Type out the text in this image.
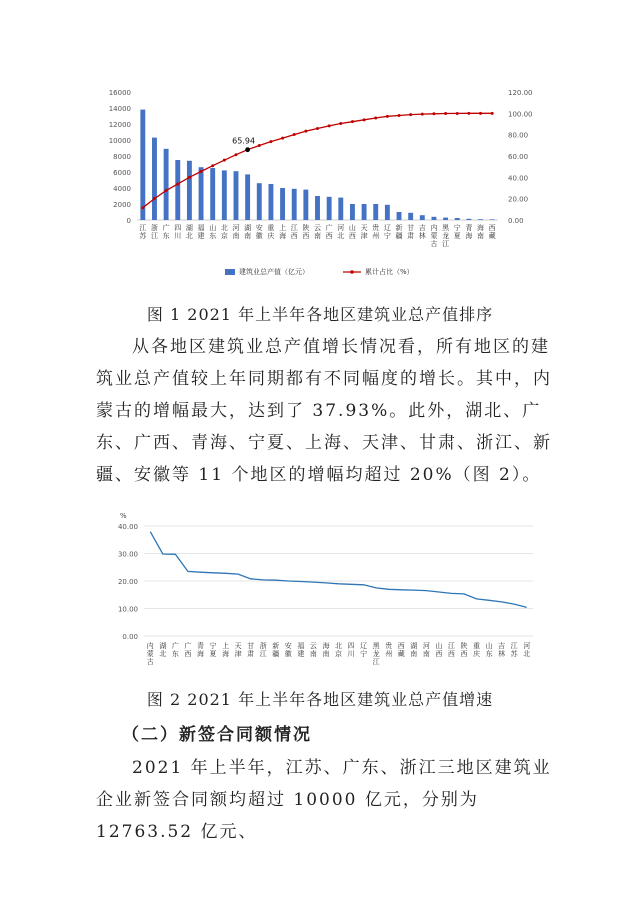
0
2000
4000
6000
8000
10000
12000
14000
16000
0.00
20.00
40.00
60.00
80.00
100.00
120.00
65.94
江
苏
浙
江
广
东
四
川
湖
北
福
建
山
东
北
京
河
南
湖
南
安
徽
重
庆
上
海
江
西
陕
西
云
南
广
西
河
北
山
西
天
津
贵
州
辽
宁
新
疆
甘
肃
吉
林
内
蒙
古
黑
龙
江
宁
夏
青
海
海
南
西
藏
建筑业总产值（亿元）	累计占比（%）
图 1 2021 年上半年各地区建筑业总产值排序

从各地区建筑业总产值增长情况看，所有地区的建筑业总产值较上年同期都有不同幅度的增长。其中，内蒙古的增幅最大，达到了 37.93%。此外，湖北、广东、广西、青海、宁夏、上海、天津、甘肃、浙江、新疆、安徽等 11 个地区的增幅均超过 20%（图 2）。

%
0.00
10.00
20.00
30.00
40.00
内
蒙
古
湖
北
广
东
广
西
青
海
宁
夏
上
海
天
津
甘
肃
浙
江
新
疆
安
徽
福
建
云
南
海
南
北
京
四
川
辽
宁
黑
龙
江
贵
州
西
藏
湖
南
河
南
山
西
江
西
陕
西
重
庆
山
东
吉
林
江
苏
河
北
图 2 2021 年上半年各地区建筑业总产值增速
（二）新签合同额情况

2021 年上半年，江苏、广东、浙江三地区建筑业企业新签合同额均超过 10000 亿元，分别为 12763.52 亿元、
